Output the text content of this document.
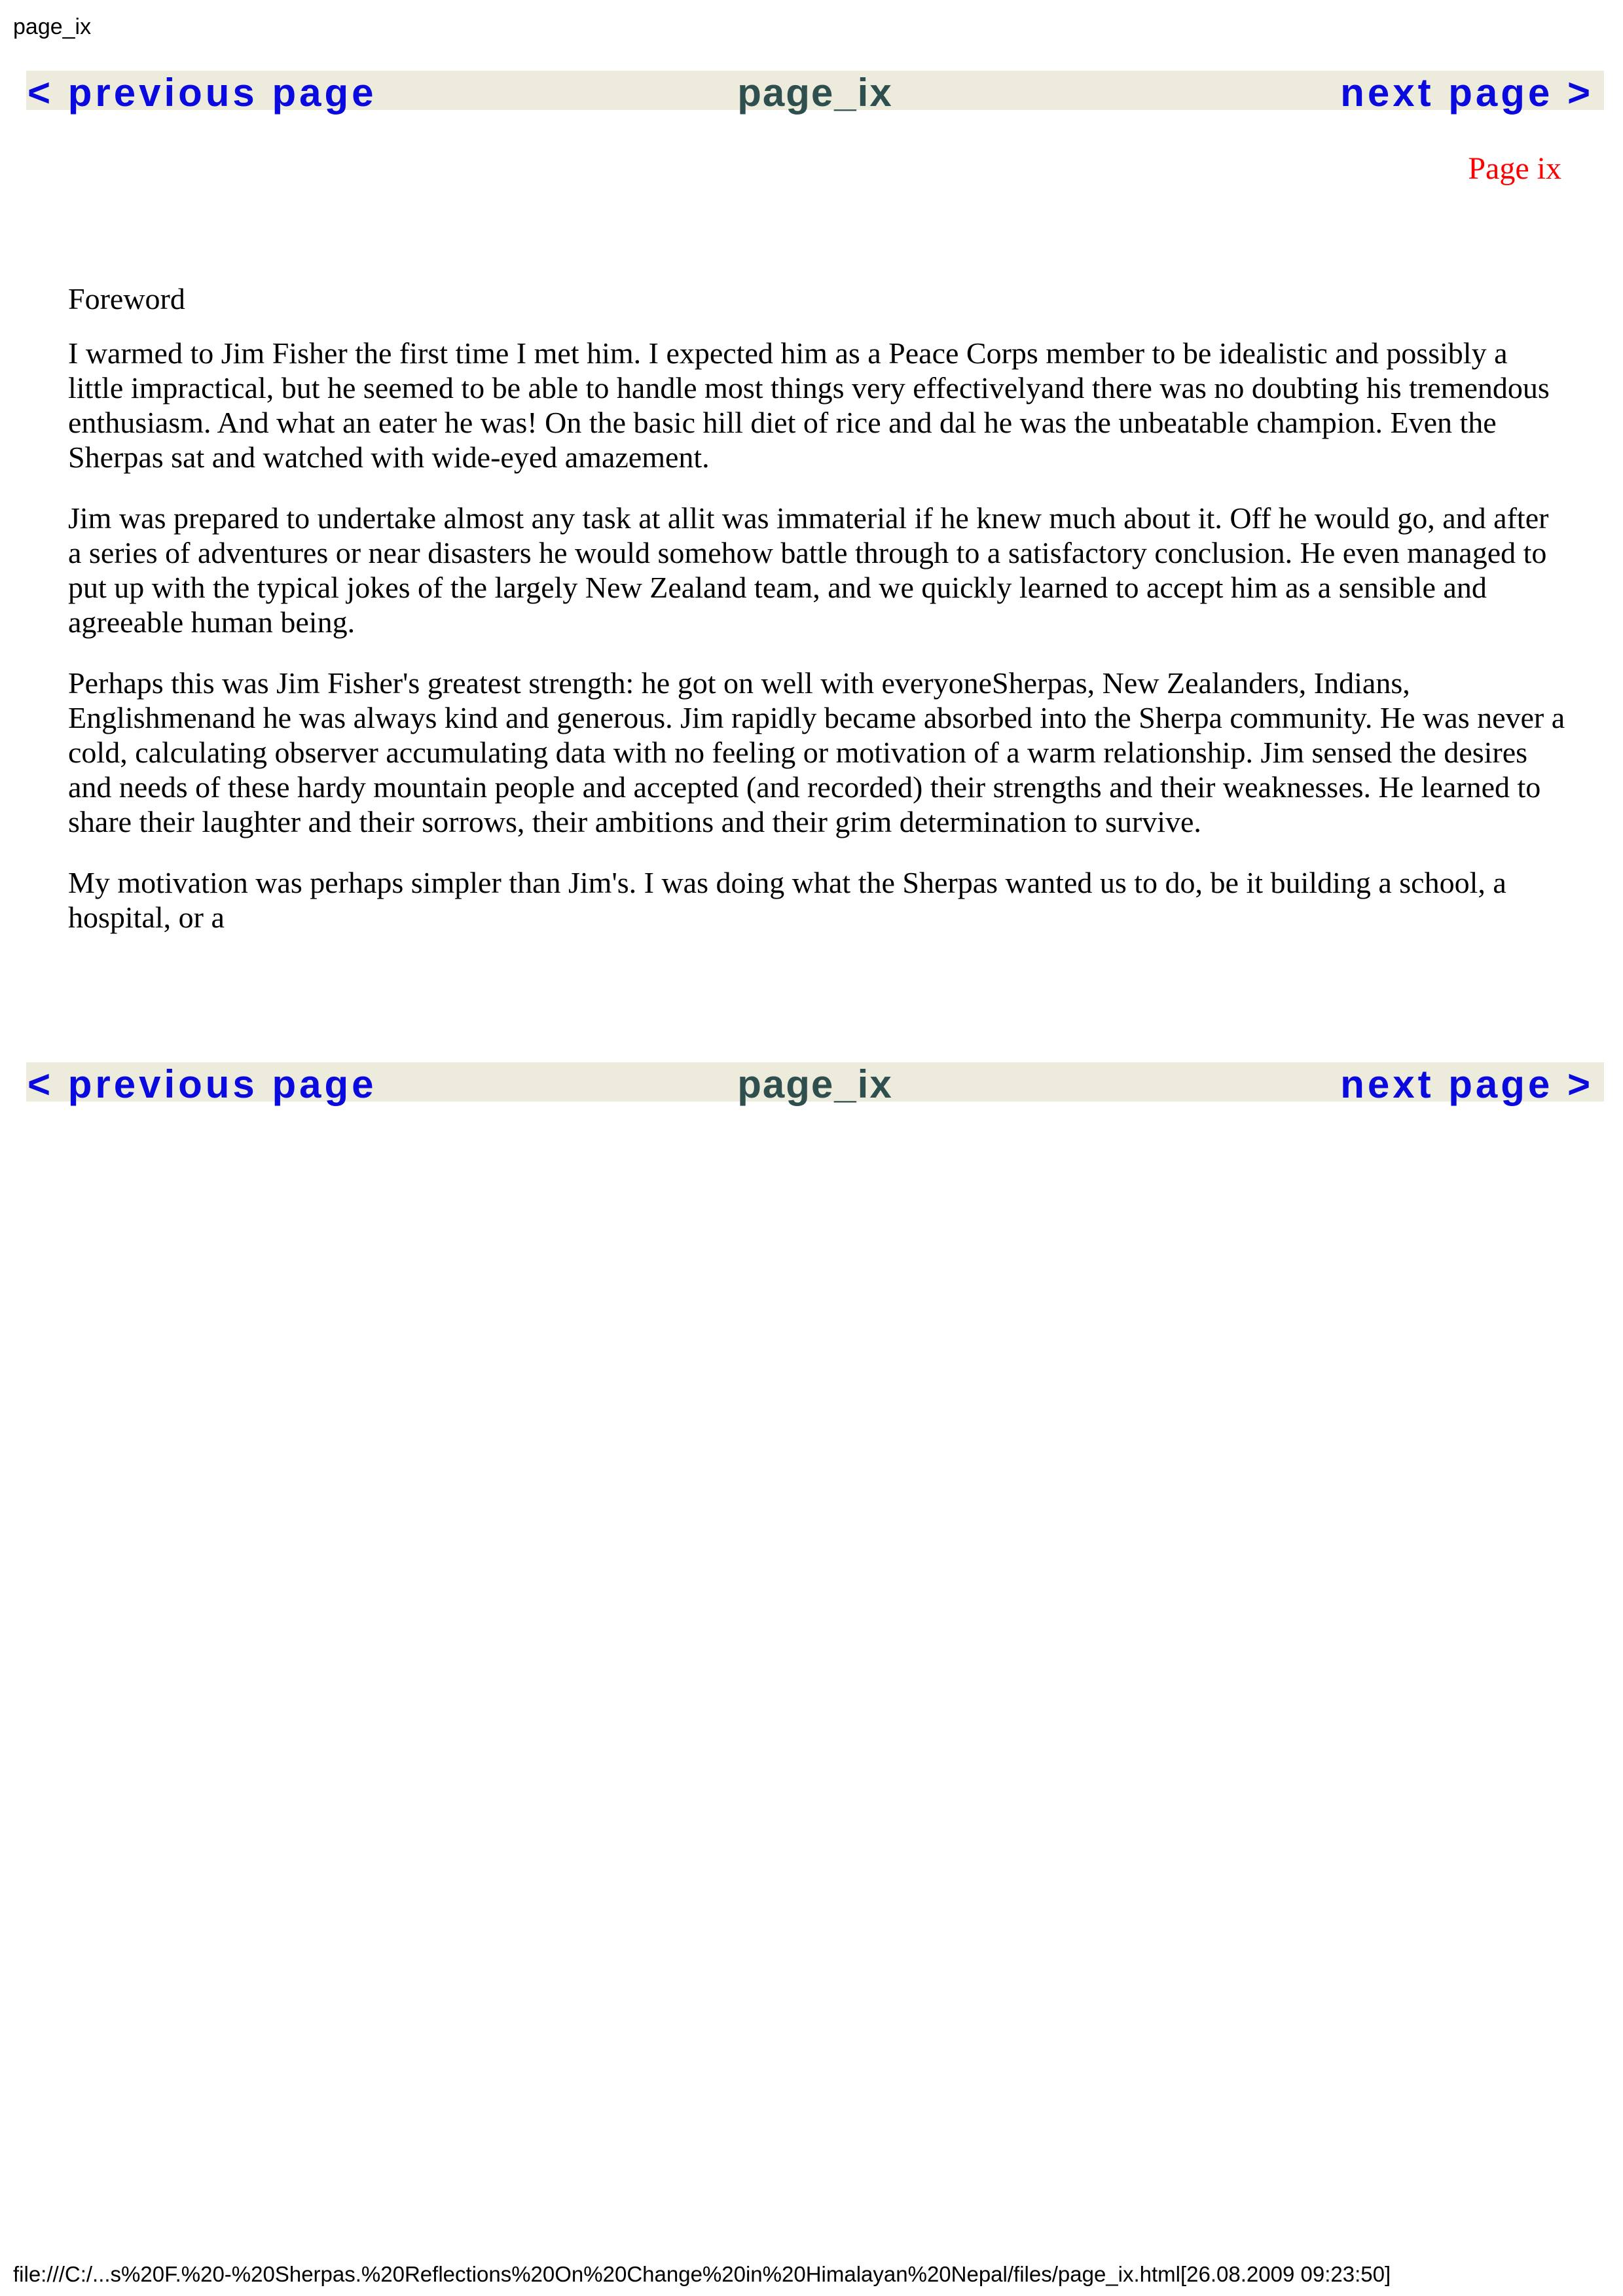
page_ix
page_ix
< previous page	next page >
Page ix

Foreword

I warmed to Jim Fisher the first time I met him. I expected him as a Peace Corps member to be idealistic and possibly a little impractical, but he seemed to be able to handle most things very effectivelyand there was no doubting his tremendous enthusiasm. And what an eater he was! On the basic hill diet of rice and dal he was the unbeatable champion. Even the Sherpas sat and watched with wide-eyed amazement.

Jim was prepared to undertake almost any task at allit was immaterial if he knew much about it. Off he would go, and after a series of adventures or near disasters he would somehow battle through to a satisfactory conclusion. He even managed to put up with the typical jokes of the largely New Zealand team, and we quickly learned to accept him as a sensible and agreeable human being.

Perhaps this was Jim Fisher's greatest strength: he got on well with everyoneSherpas, New Zealanders, Indians, Englishmenand he was always kind and generous. Jim rapidly became absorbed into the Sherpa community. He was never a cold, calculating observer accumulating data with no feeling or motivation of a warm relationship. Jim sensed the desires and needs of these hardy mountain people and accepted (and recorded) their strengths and their weaknesses. He learned to share their laughter and their sorrows, their ambitions and their grim determination to survive.

My motivation was perhaps simpler than Jim's. I was doing what the Sherpas wanted us to do, be it building a school, a hospital, or a

page_ix
< previous page	next page >
file:///C:/...s%20F.%20-%20Sherpas.%20Reflections%20On%20Change%20in%20Himalayan%20Nepal/files/page_ix.html[26.08.2009 09:23:50]
